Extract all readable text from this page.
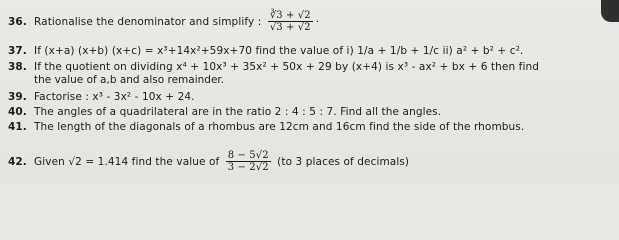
36. Rationalise the denominator and simplify : $\frac{∛3 + √2}{√3 + √2}$ ·
37. If (x+a) (x+b) (x+c) = x³+14x²+59x+70 find the value of i) 1/a + 1/b + 1/c ii) a² + b² + c².
38. If the quotient on dividing x⁴ + 10x³ + 35x² + 50x + 29 by (x+4) is x³ - ax² + bx + 6 then find
the value of a,b and also remainder.
39. Factorise : x³ - 3x² - 10x + 24.
40. The angles of a quadrilateral are in the ratio 2 : 4 : 5 : 7. Find all the angles.
41. The length of the diagonals of a rhombus are 12cm and 16cm find the side of the rhombus.
42. Given √2 = 1.414 find the value of $\frac{8 - 5√2}{3 - 2√2} (to$ 3 places of decimals)
